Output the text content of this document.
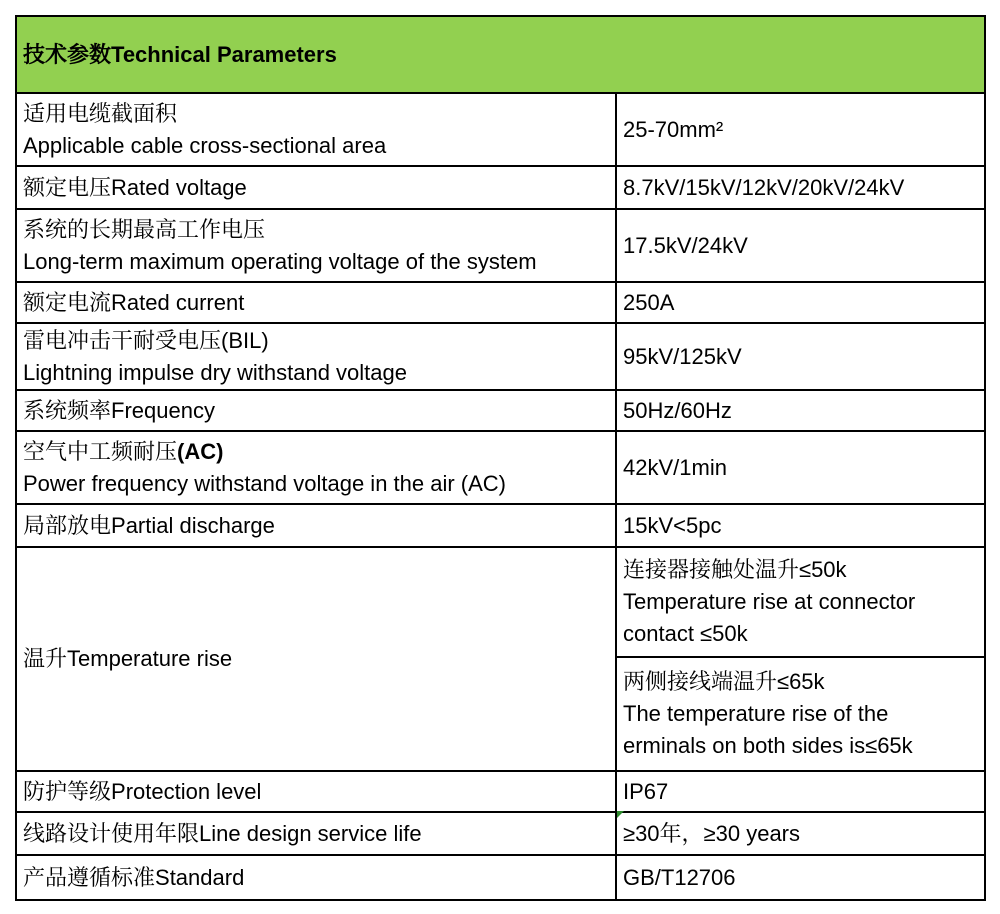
技术参数Technical Parameters	

适用电缆截面积
Applicable cable cross-sectional area	25-70mm²
额定电压Rated voltage	8.7kV/15kV/12kV/20kV/24kV

系统的长期最高工作电压
Long-term maximum operating voltage of the system	17.5kV/24kV
额定电流Rated current	250A

雷电冲击干耐受电压(BIL)
Lightning impulse dry withstand voltage	95kV/125kV
系统频率Frequency	50Hz/60Hz

空气中工频耐压(AC)
Power frequency withstand voltage in the air (AC)	42kV/1min
局部放电Partial discharge	15kV<5pc
温升Temperature rise	连接器接触处温升≤50k
Temperature rise at connector
contact ≤50k

	两侧接线端温升≤65k
The temperature rise of the
erminals on both sides is≤65k

防护等级Protection level	IP67
线路设计使用年限Line design service life	≥30年，≥30 years
产品遵循标准Standard	GB/T12706
